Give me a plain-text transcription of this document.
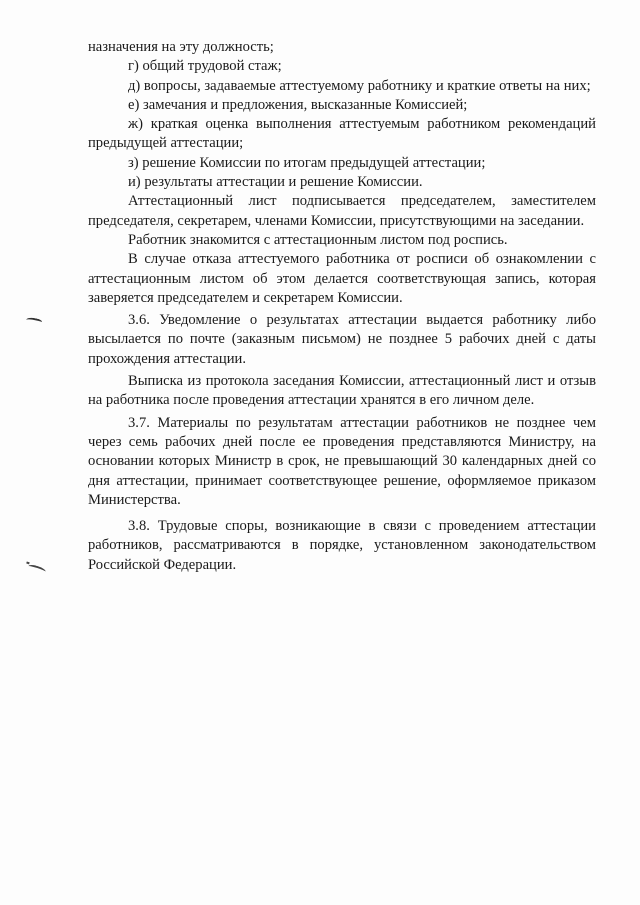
назначения на эту должность;

г) общий трудовой стаж;

д) вопросы, задаваемые аттестуемому работнику и краткие ответы на них;

е) замечания и предложения, высказанные Комиссией;

ж) краткая оценка выполнения аттестуемым работником рекомендаций предыдущей аттестации;

з) решение Комиссии по итогам предыдущей аттестации;

и) результаты аттестации и решение Комиссии.

Аттестационный лист подписывается председателем, заместителем председателя, секретарем, членами Комиссии, присутствующими на заседании.

Работник знакомится с аттестационным листом под роспись.

В случае отказа аттестуемого работника от росписи об ознакомлении с аттестационным листом об этом делается соответствующая запись, которая заверяется председателем и секретарем Комиссии.

3.6. Уведомление о результатах аттестации выдается работнику либо высылается по почте (заказным письмом) не позднее 5 рабочих дней с даты прохождения аттестации.

Выписка из протокола заседания Комиссии, аттестационный лист и отзыв на работника после проведения аттестации хранятся в его личном деле.

3.7. Материалы по результатам аттестации работников не позднее чем через семь рабочих дней после ее проведения представляются Министру, на основании которых Министр в срок, не превышающий 30 календарных дней со дня аттестации, принимает соответствующее решение, оформляемое приказом Министерства.

3.8. Трудовые споры, возникающие в связи с проведением аттестации работников, рассматриваются в порядке, установленном законодательством Российской Федерации.
